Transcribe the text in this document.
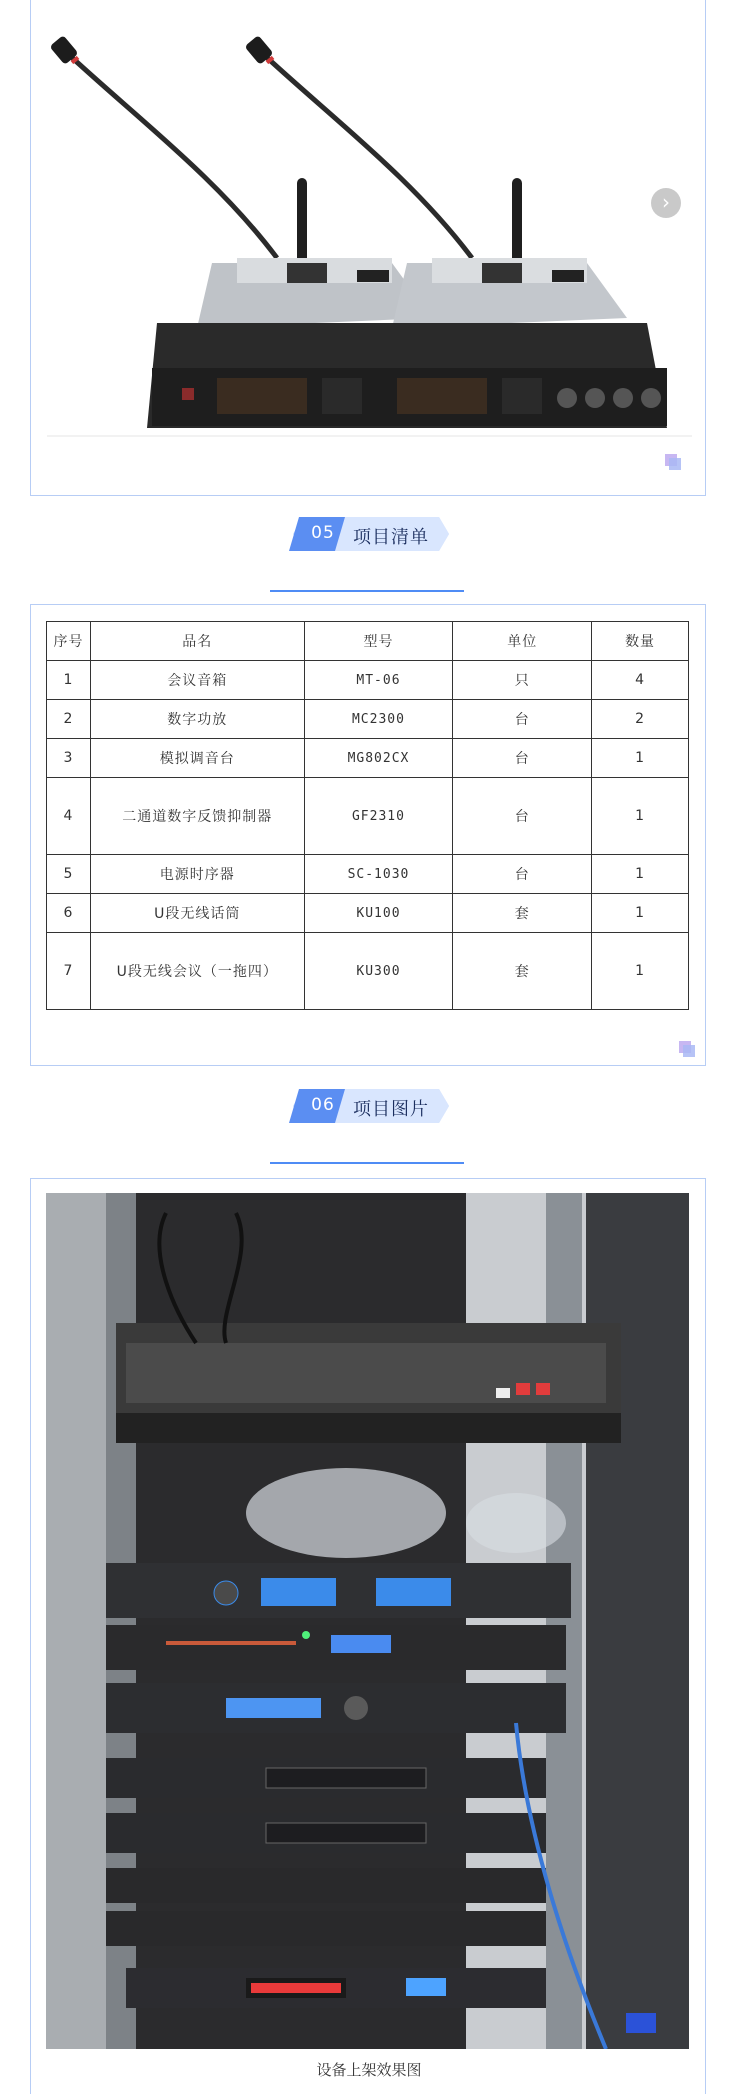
›
05	项目清单
序号	品名	型号	单位	数量
1	会议音箱	MT-06	只	4
2	数字功放	MC2300	台	2
3	模拟调音台	MG802CX	台	1
4	二通道数字反馈抑制器	GF2310	台	1
5	电源时序器	SC-1030	台	1
6	U段无线话筒	KU100	套	1
7	U段无线会议（一拖四）	KU300	套	1
06	项目图片
设备上架效果图
